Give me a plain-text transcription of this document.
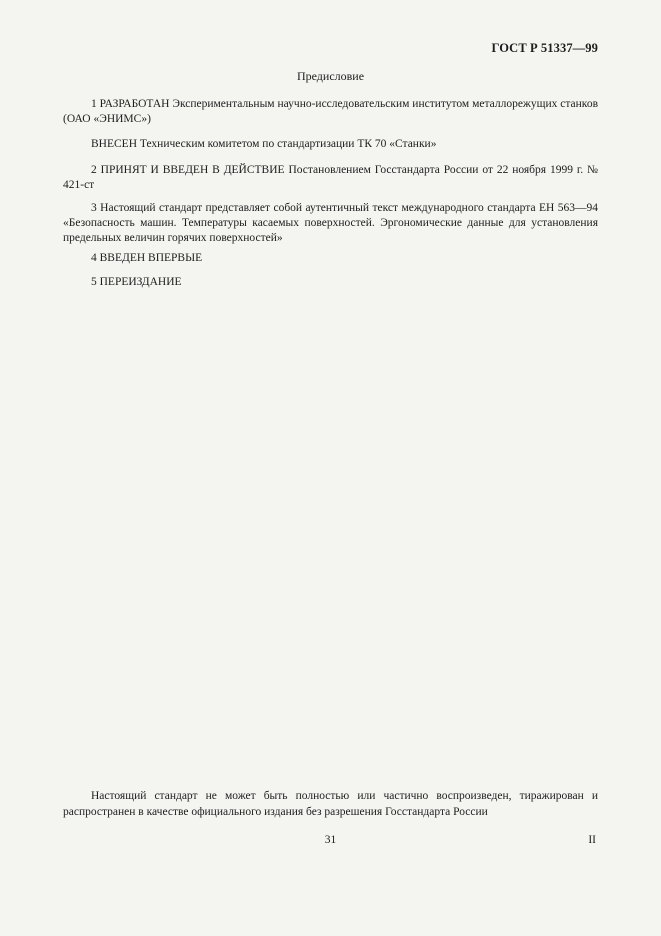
ГОСТ Р 51337—99
Предисловие
1 РАЗРАБОТАН Экспериментальным научно-исследовательским институтом металлорежущих станков (ОАО «ЭНИМС»)
ВНЕСЕН Техническим комитетом по стандартизации ТК 70 «Станки»
2 ПРИНЯТ И ВВЕДЕН В ДЕЙСТВИЕ Постановлением Госстандарта России от 22 ноября 1999 г. № 421-ст
3 Настоящий стандарт представляет собой аутентичный текст международного стандарта ЕН 563—94 «Безопасность машин. Температуры касаемых поверхностей. Эргономические данные для установления предельных величин горячих поверхностей»
4 ВВЕДЕН ВПЕРВЫЕ
5 ПЕРЕИЗДАНИЕ
Настоящий стандарт не может быть полностью или частично воспроизведен, тиражирован и распространен в качестве официального издания без разрешения Госстандарта России
31	II
